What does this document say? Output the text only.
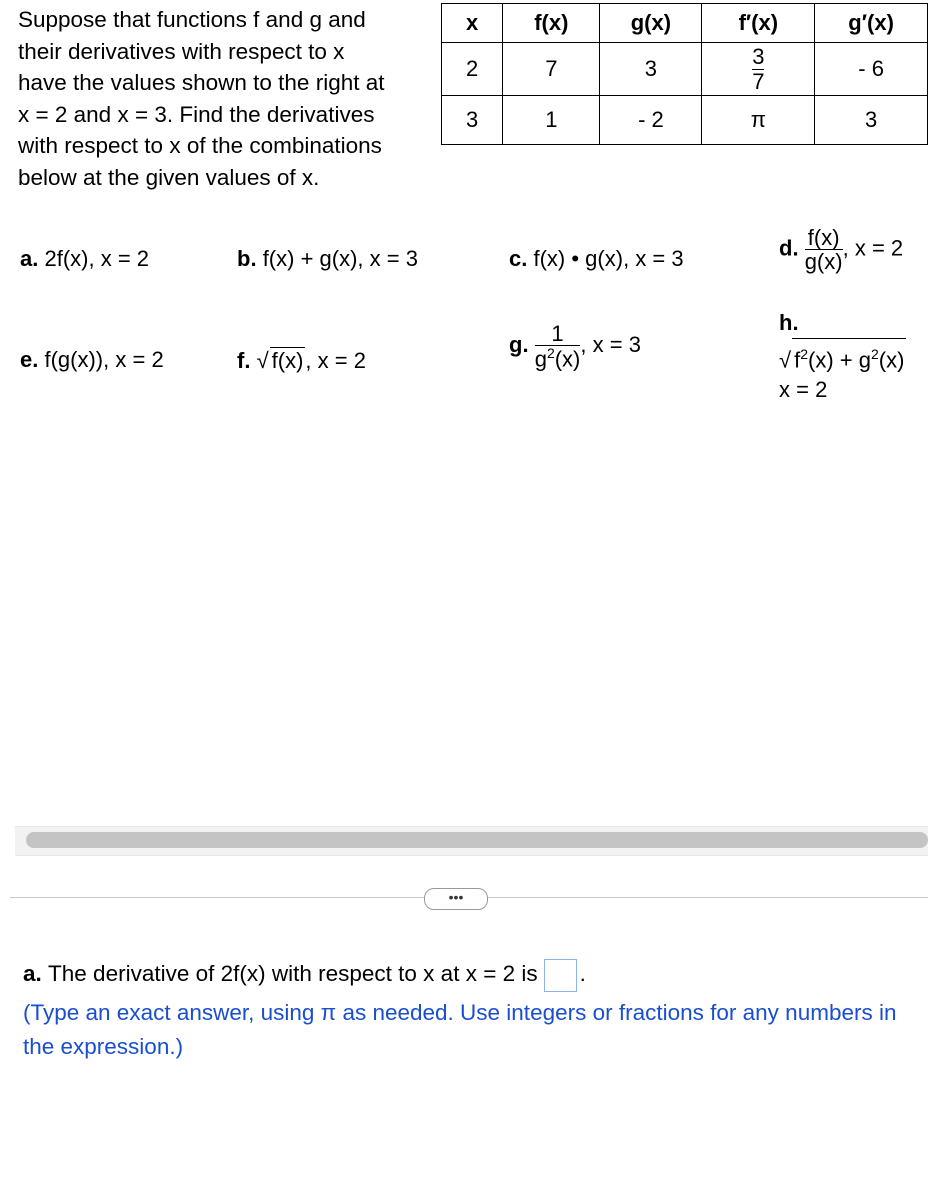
Suppose that functions f and g and
their derivatives with respect to x
have the values shown to the right at
x = 2 and x = 3. Find the derivatives
with respect to x of the combinations
below at the given values of x.
x	f(x)	g(x)	f′(x)	g′(x)
2	7	3	$\frac{3}{7}$	- 6
3	1	- 2	π	3
a. 2f(x), x = 2	b. f(x) + g(x), x = 3	c. f(x) • g(x), x = 3	d. $\frac{f(x)}{g(x)}$ , x = 2
e. f(g(x)), x = 2	f. √ f(x), x = 2
g. $\frac{1}{g^2(x)}$ , x = 3
h.
√ $f^2(x) + g^2(x)$
x = 2
•••
a. The derivative of 2f(x) with respect to x at x = 2 is .
(Type an exact answer, using π as needed. Use integers or fractions for any numbers in the expression.)
